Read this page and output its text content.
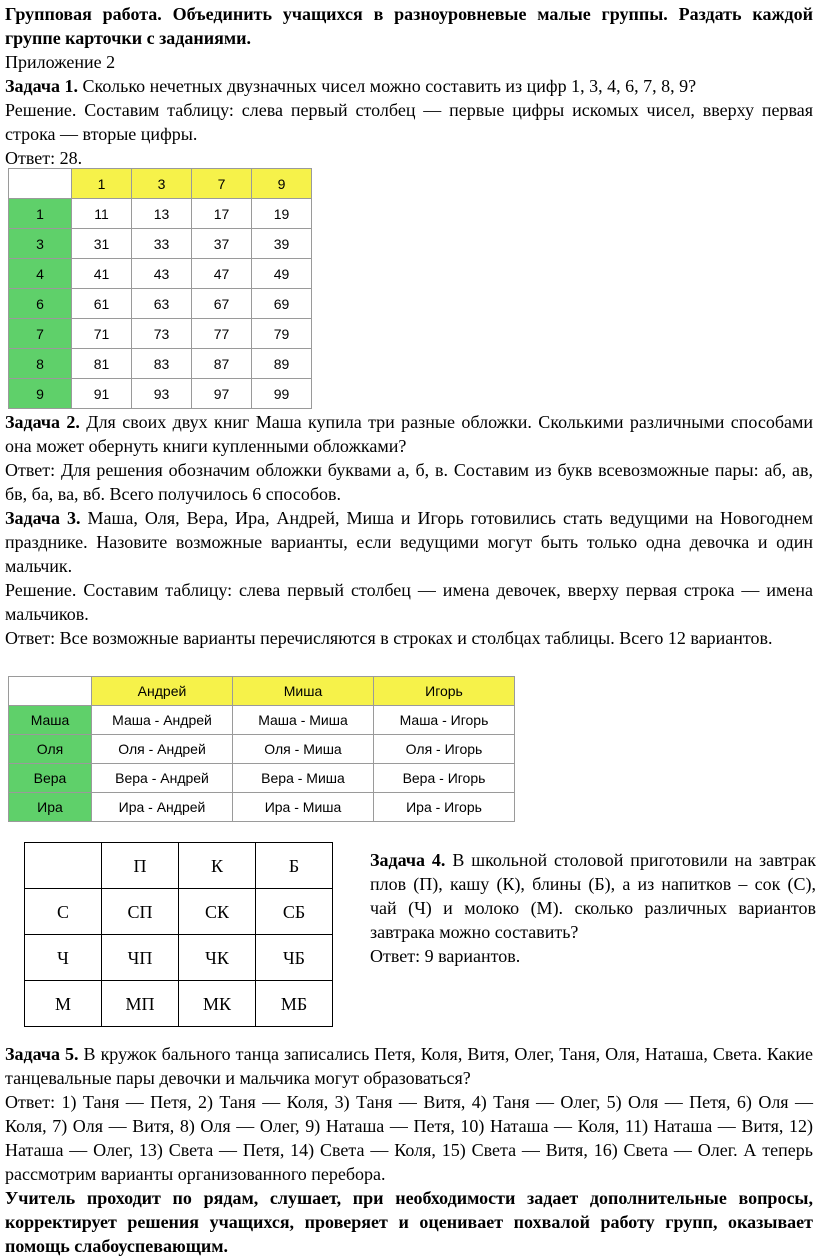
Групповая работа. Объединить учащихся в разноуровневые малые группы. Раздать каждой группе карточки с заданиями.

Приложение 2

Задача 1. Сколько нечетных двузначных чисел можно составить из цифр 1, 3, 4, 6, 7, 8, 9?

Решение. Составим таблицу: слева первый столбец — первые цифры искомых чисел, вверху первая строка — вторые цифры.

Ответ: 28.

Задача 2. Для своих двух книг Маша купила три разные обложки. Сколькими различными способами она может обернуть книги купленными обложками?

Ответ: Для решения обозначим обложки буквами а, б, в. Составим из букв всевозможные пары: аб, ав, бв, ба, ва, вб. Всего получилось 6 способов.

Задача 3. Маша, Оля, Вера, Ира, Андрей, Миша и Игорь готовились стать ведущими на Новогоднем празднике. Назовите возможные варианты, если ведущими могут быть только одна девочка и один мальчик.

Решение. Составим таблицу: слева первый столбец — имена девочек, вверху первая строка — имена мальчиков.

Ответ: Все возможные варианты перечисляются в строках и столбцах таблицы. Всего 12 вариантов.

Задача 5. В кружок бального танца записались Петя, Коля, Витя, Олег, Таня, Оля, Наташа, Света. Какие танцевальные пары девочки и мальчика могут образоваться?

Ответ: 1) Таня — Петя, 2) Таня — Коля, 3) Таня — Витя, 4) Таня — Олег, 5) Оля — Петя, 6) Оля — Коля, 7) Оля — Витя, 8) Оля — Олег, 9) Наташа — Петя, 10) Наташа — Коля, 11) Наташа — Витя, 12) Наташа — Олег, 13) Света — Петя, 14) Света — Коля, 15) Света — Витя, 16) Света — Олег. А теперь рассмотрим варианты организованного перебора.

Учитель проходит по рядам, слушает, при необходимости задает дополнительные вопросы, корректирует решения учащихся, проверяет и оценивает похвалой работу групп, оказывает помощь слабоуспевающим.

	1	3	7	9
1	11	13	17	19
3	31	33	37	39
4	41	43	47	49
6	61	63	67	69
7	71	73	77	79
8	81	83	87	89
9	91	93	97	99
	Андрей	Миша	Игорь
Маша	Маша - Андрей	Маша - Миша	Маша - Игорь
Оля	Оля - Андрей	Оля - Миша	Оля - Игорь
Вера	Вера - Андрей	Вера - Миша	Вера - Игорь
Ира	Ира - Андрей	Ира - Миша	Ира - Игорь
	П	К	Б
С	СП	СК	СБ
Ч	ЧП	ЧК	ЧБ
М	МП	МК	МБ

Задача 4. В школьной столовой приготовили на завтрак плов (П), кашу (К), блины (Б), а из напитков – сок (С), чай (Ч) и молоко (М). сколько различных вариантов завтрака можно составить?

Ответ: 9 вариантов.
